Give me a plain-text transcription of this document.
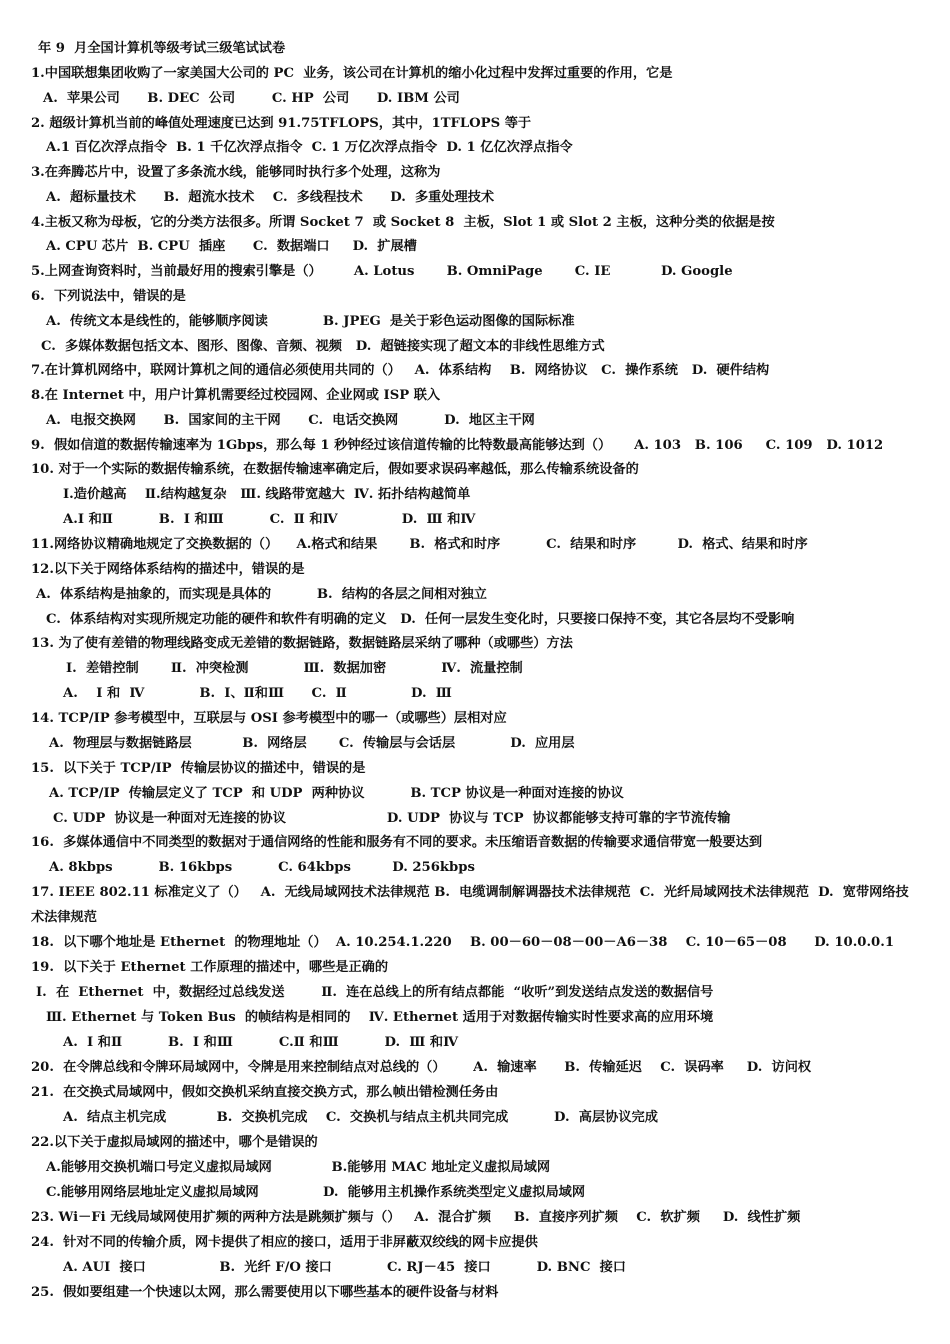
年 9  月全国计算机等级考试三级笔试试卷
1.中国联想集团收购了一家美国大公司的 PC  业务，该公司在计算机的缩小化过程中发挥过重要的作用，它是
A.  苹果公司      B. DEC  公司        C. HP  公司      D. IBM 公司
2. 超级计算机当前的峰值处理速度已达到 91.75TFLOPS，其中，1TFLOPS 等于
A.1 百亿次浮点指令  B. 1 千亿次浮点指令  C. 1 万亿次浮点指令  D. 1 亿亿次浮点指令
3.在奔腾芯片中，设置了多条流水线，能够同时执行多个处理，这称为
A.  超标量技术      B.  超流水技术    C.  多线程技术      D.  多重处理技术
4.主板又称为母板，它的分类方法很多。所谓 Socket 7  或 Socket 8  主板，Slot 1 或 Slot 2 主板，这种分类的依据是按
A. CPU 芯片  B. CPU  插座      C.  数据端口     D.  扩展槽
5.上网查询资料时，当前最好用的搜索引擎是（）       A. Lotus       B. OmniPage       C. IE           D. Google
6.  下列说法中，错误的是
A.  传统文本是线性的，能够顺序阅读            B. JPEG  是关于彩色运动图像的国际标准
C.  多媒体数据包括文本、图形、图像、音频、视频   D.  超链接实现了超文本的非线性思维方式
7.在计算机网络中，联网计算机之间的通信必须使用共同的（）   A.  体系结构    B.  网络协议   C.  操作系统   D.  硬件结构
8.在 Internet 中，用户计算机需要经过校园网、企业网或 ISP 联入
A.  电报交换网      B.  国家间的主干网      C.  电话交换网          D.  地区主干网
9.  假如信道的数据传输速率为 1Gbps，那么每 1 秒钟经过该信道传输的比特数最高能够达到（）     A. 103   B. 106     C. 109   D. 1012
10. 对于一个实际的数据传输系统，在数据传输速率确定后，假如要求误码率越低，那么传输系统设备的
Ⅰ.造价越高    Ⅱ.结构越复杂   Ⅲ. 线路带宽越大  Ⅳ. 拓扑结构越简单
A.Ⅰ 和Ⅱ          B.  Ⅰ 和Ⅲ          C.  Ⅱ 和Ⅳ              D.  Ⅲ 和Ⅳ
11.网络协议精确地规定了交换数据的（）    A.格式和结果       B.  格式和时序          C.  结果和时序         D.  格式、结果和时序
12.以下关于网络体系结构的描述中，错误的是
A.  体系结构是抽象的，而实现是具体的          B.  结构的各层之间相对独立
C.  体系结构对实现所规定功能的硬件和软件有明确的定义   D.  任何一层发生变化时，只要接口保持不变，其它各层均不受影响
13. 为了使有差错的物理线路变成无差错的数据链路，数据链路层采纳了哪种（或哪些）方法
Ⅰ.  差错控制       Ⅱ.  冲突检测            Ⅲ.  数据加密            Ⅳ.  流量控制
A.    Ⅰ 和  Ⅳ            B.  Ⅰ、Ⅱ和Ⅲ      C.  Ⅱ              D.  Ⅲ
14. TCP/IP 参考模型中，互联层与 OSI 参考模型中的哪一（或哪些）层相对应
A.  物理层与数据链路层           B.  网络层       C.  传输层与会话层            D.  应用层
15.  以下关于 TCP/IP  传输层协议的描述中，错误的是
A. TCP/IP  传输层定义了 TCP  和 UDP  两种协议          B. TCP 协议是一种面对连接的协议
C. UDP  协议是一种面对无连接的协议                      D. UDP  协议与 TCP  协议都能够支持可靠的字节流传输
16.  多媒体通信中不同类型的数据对于通信网络的性能和服务有不同的要求。未压缩语音数据的传输要求通信带宽一般要达到
A. 8kbps          B. 16kbps          C. 64kbps         D. 256kbps
17. IEEE 802.11 标准定义了（）   A.  无线局域网技术法律规范 B.  电缆调制解调器技术法律规范  C.  光纤局域网技术法律规范  D.  宽带网络技
术法律规范
18.  以下哪个地址是 Ethernet  的物理地址（）  A. 10.254.1.220    B. 00－60－08－00－A6－38    C. 10－65－08      D. 10.0.0.1
19.  以下关于 Ethernet 工作原理的描述中，哪些是正确的
Ⅰ.  在  Ethernet  中，数据经过总线发送        Ⅱ.  连在总线上的所有结点都能  “收听”到发送结点发送的数据信号
Ⅲ. Ethernet 与 Token Bus  的帧结构是相同的    Ⅳ. Ethernet 适用于对数据传输实时性要求高的应用环境
A.  Ⅰ 和Ⅱ          B.  Ⅰ 和Ⅲ          C.Ⅱ 和Ⅲ          D.  Ⅲ 和Ⅳ
20.  在令牌总线和令牌环局域网中，令牌是用来控制结点对总线的（）      A.  输速率      B.  传输延迟    C.  误码率     D.  访问权
21.  在交换式局域网中，假如交换机采纳直接交换方式，那么帧出错检测任务由
A.  结点主机完成           B.  交换机完成    C.  交换机与结点主机共同完成          D.  高层协议完成
22.以下关于虚拟局域网的描述中，哪个是错误的
A.能够用交换机端口号定义虚拟局域网             B.能够用 MAC 地址定义虚拟局域网
C.能够用网络层地址定义虚拟局域网              D.  能够用主机操作系统类型定义虚拟局域网
23. Wi－Fi 无线局域网使用扩频的两种方法是跳频扩频与（）   A.  混合扩频     B.  直接序列扩频    C.  软扩频     D.  线性扩频
24.  针对不同的传输介质，网卡提供了相应的接口，适用于非屏蔽双绞线的网卡应提供
A. AUI  接口                B.  光纤 F/O 接口            C. RJ－45  接口          D. BNC  接口
25.  假如要组建一个快速以太网，那么需要使用以下哪些基本的硬件设备与材料
